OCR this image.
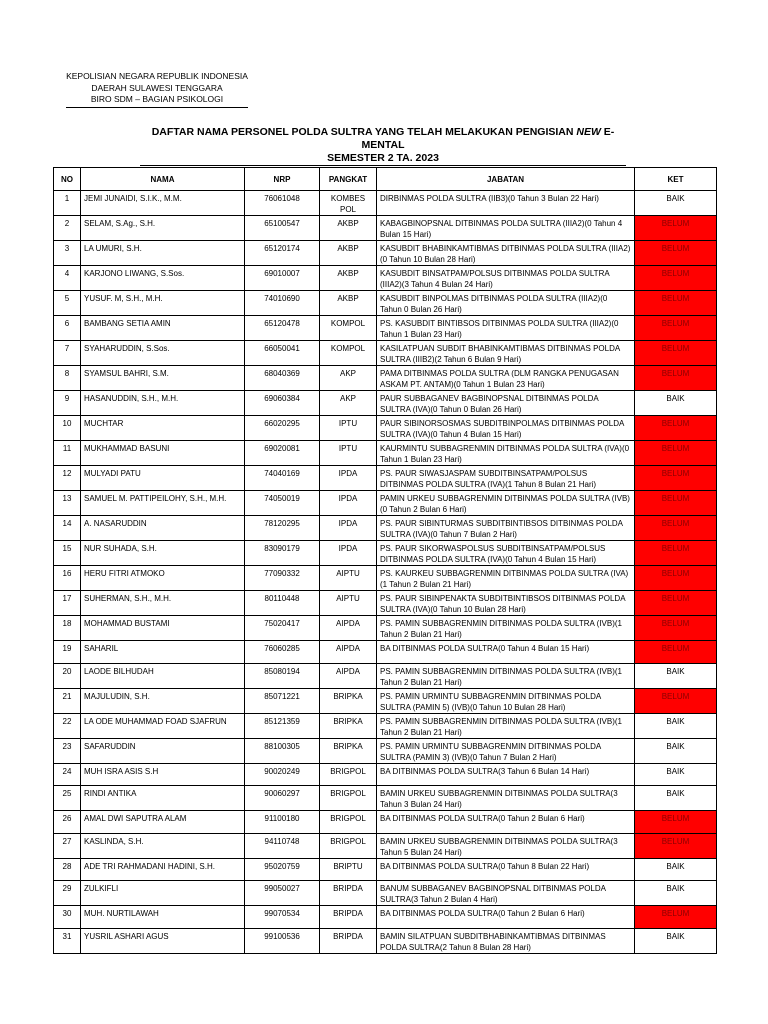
KEPOLISIAN NEGARA REPUBLIK INDONESIA
DAERAH SULAWESI TENGGARA
BIRO SDM – BAGIAN PSIKOLOGI
DAFTAR NAMA PERSONEL POLDA SULTRA YANG TELAH MELAKUKAN PENGISIAN NEW E-MENTAL
SEMESTER 2 TA. 2023
NO	NAMA	NRP	PANGKAT	JABATAN	KET
1	JEMI JUNAIDI, S.I.K., M.M.	76061048	KOMBES POL	DIRBINMAS POLDA SULTRA (IIB3)(0 Tahun 3 Bulan 22 Hari)	BAIK
2	SELAM, S.Ag., S.H.	65100547	AKBP	KABAGBINOPSNAL DITBINMAS POLDA SULTRA (IIIA2)(0 Tahun 4 Bulan 15 Hari)	BELUM
3	LA UMURI, S.H.	65120174	AKBP	KASUBDIT BHABINKAMTIBMAS DITBINMAS POLDA SULTRA (IIIA2)(0 Tahun 10 Bulan 28 Hari)	BELUM
4	KARJONO LIWANG, S.Sos.	69010007	AKBP	KASUBDIT BINSATPAM/POLSUS DITBINMAS POLDA SULTRA (IIIA2)(3 Tahun 4 Bulan 24 Hari)	BELUM
5	YUSUF. M, S.H., M.H.	74010690	AKBP	KASUBDIT BINPOLMAS DITBINMAS POLDA SULTRA (IIIA2)(0 Tahun 0 Bulan 26 Hari)	BELUM
6	BAMBANG SETIA AMIN	65120478	KOMPOL	PS. KASUBDIT BINTIBSOS DITBINMAS POLDA SULTRA (IIIA2)(0 Tahun 1 Bulan 23 Hari)	BELUM
7	SYAHARUDDIN, S.Sos.	66050041	KOMPOL	KASILATPUAN SUBDIT BHABINKAMTIBMAS DITBINMAS POLDA SULTRA (IIIB2)(2 Tahun 6 Bulan 9 Hari)	BELUM
8	SYAMSUL BAHRI, S.M.	68040369	AKP	PAMA DITBINMAS POLDA SULTRA (DLM RANGKA PENUGASAN ASKAM PT. ANTAM)(0 Tahun 1 Bulan 23 Hari)	BELUM
9	HASANUDDIN, S.H., M.H.	69060384	AKP	PAUR SUBBAGANEV BAGBINOPSNAL DITBINMAS POLDA SULTRA (IVA)(0 Tahun 0 Bulan 26 Hari)	BAIK
10	MUCHTAR	66020295	IPTU	PAUR SIBINORSOSMAS SUBDITBINPOLMAS DITBINMAS POLDA SULTRA (IVA)(0 Tahun 4 Bulan 15 Hari)	BELUM
11	MUKHAMMAD BASUNI	69020081	IPTU	KAURMINTU SUBBAGRENMIN DITBINMAS POLDA SULTRA (IVA)(0 Tahun 1 Bulan 23 Hari)	BELUM
12	MULYADI PATU	74040169	IPDA	PS. PAUR SIWASJASPAM SUBDITBINSATPAM/POLSUS DITBINMAS POLDA SULTRA (IVA)(1 Tahun 8 Bulan 21 Hari)	BELUM
13	SAMUEL M. PATTIPEILOHY, S.H., M.H.	74050019	IPDA	PAMIN URKEU SUBBAGRENMIN DITBINMAS POLDA SULTRA (IVB)(0 Tahun 2 Bulan 6 Hari)	BELUM
14	A. NASARUDDIN	78120295	IPDA	PS. PAUR SIBINTURMAS SUBDITBINTIBSOS DITBINMAS POLDA SULTRA (IVA)(0 Tahun 7 Bulan 2 Hari)	BELUM
15	NUR SUHADA, S.H.	83090179	IPDA	PS. PAUR SIKORWASPOLSUS SUBDITBINSATPAM/POLSUS DITBINMAS POLDA SULTRA (IVA)(0 Tahun 4 Bulan 15 Hari)	BELUM
16	HERU FITRI ATMOKO	77090332	AIPTU	PS. KAURKEU SUBBAGRENMIN DITBINMAS POLDA SULTRA (IVA)(1 Tahun 2 Bulan 21 Hari)	BELUM
17	SUHERMAN, S.H., M.H.	80110448	AIPTU	PS. PAUR SIBINPENAKTA SUBDITBINTIBSOS DITBINMAS POLDA SULTRA (IVA)(0 Tahun 10 Bulan 28 Hari)	BELUM
18	MOHAMMAD BUSTAMI	75020417	AIPDA	PS. PAMIN SUBBAGRENMIN DITBINMAS POLDA SULTRA (IVB)(1 Tahun 2 Bulan 21 Hari)	BELUM
19	SAHARIL	76060285	AIPDA	BA DITBINMAS POLDA SULTRA(0 Tahun 4 Bulan 15 Hari)	BELUM
20	LAODE BILHUDAH	85080194	AIPDA	PS. PAMIN SUBBAGRENMIN DITBINMAS POLDA SULTRA (IVB)(1 Tahun 2 Bulan 21 Hari)	BAIK
21	MAJULUDIN, S.H.	85071221	BRIPKA	PS. PAMIN URMINTU SUBBAGRENMIN DITBINMAS POLDA SULTRA (PAMIN 5) (IVB)(0 Tahun 10 Bulan 28 Hari)	BELUM
22	LA ODE MUHAMMAD FOAD SJAFRUN	85121359	BRIPKA	PS. PAMIN SUBBAGRENMIN DITBINMAS POLDA SULTRA (IVB)(1 Tahun 2 Bulan 21 Hari)	BAIK
23	SAFARUDDIN	88100305	BRIPKA	PS. PAMIN URMINTU SUBBAGRENMIN DITBINMAS POLDA SULTRA (PAMIN 3) (IVB)(0 Tahun 7 Bulan 2 Hari)	BAIK
24	MUH ISRA ASIS S.H	90020249	BRIGPOL	BA DITBINMAS POLDA SULTRA(3 Tahun 6 Bulan 14 Hari)	BAIK
25	RINDI ANTIKA	90060297	BRIGPOL	BAMIN URKEU SUBBAGRENMIN DITBINMAS POLDA SULTRA(3 Tahun 3 Bulan 24 Hari)	BAIK
26	AMAL DWI SAPUTRA ALAM	91100180	BRIGPOL	BA DITBINMAS POLDA SULTRA(0 Tahun 2 Bulan 6 Hari)	BELUM
27	KASLINDA, S.H.	94110748	BRIGPOL	BAMIN URKEU SUBBAGRENMIN DITBINMAS POLDA SULTRA(3 Tahun 5 Bulan 24 Hari)	BELUM
28	ADE TRI RAHMADANI HADINI, S.H.	95020759	BRIPTU	BA DITBINMAS POLDA SULTRA(0 Tahun 8 Bulan 22 Hari)	BAIK
29	ZULKIFLI	99050027	BRIPDA	BANUM SUBBAGANEV BAGBINOPSNAL DITBINMAS POLDA SULTRA(3 Tahun 2 Bulan 4 Hari)	BAIK
30	MUH. NURTILAWAH	99070534	BRIPDA	BA DITBINMAS POLDA SULTRA(0 Tahun 2 Bulan 6 Hari)	BELUM
31	YUSRIL ASHARI AGUS	99100536	BRIPDA	BAMIN SILATPUAN SUBDITBHABINKAMTIBMAS DITBINMAS POLDA SULTRA(2 Tahun 8 Bulan 28 Hari)	BAIK
